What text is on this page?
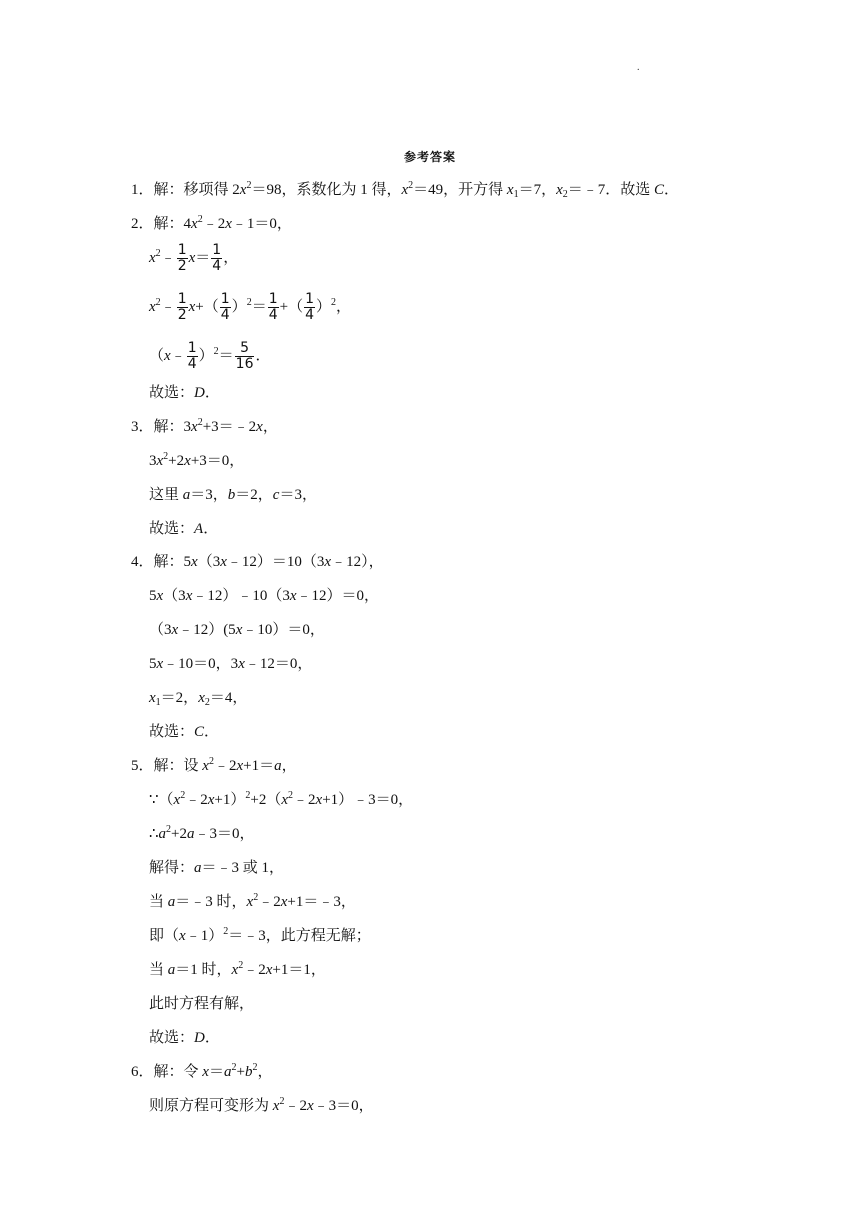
.
参考答案
1．解：移项得 $2x^2=98$，系数化为 1 得，$x^2=49$，开方得 $x_1=7$，$x_2=﹣7$．故选 C．
2．解：$4x^2﹣2x﹣1=0$，
$x^2﹣ \frac{1}{2} x= \frac{1}{4}$ ，
$x^2﹣ \frac{1}{2} x+( \frac{1}{4} )^2= \frac{1}{4}$ +（ $\frac{1}{4} )^2$，
（x﹣ $\frac{1}{4} )^2= \frac{5}{16}$ ．
故选：D．
3．解：$3x^2+3=﹣2x$，
$3x^2+2x+3=0$，
这里 a＝3，b＝2，c＝3，
故选：A．
4．解：5x（3x﹣12）＝10（3x﹣12），
5x（3x﹣12）﹣10（3x﹣12）＝0，
（3x﹣12）(5x﹣10）＝0，
5x﹣10＝0，3x﹣12＝0，
$x_1=2$，$x_2=4$，
故选：C．
5．解：设 $x^2﹣2x+1=a$，
$\because(x^2﹣2x+1)^2+2(x^2﹣2x+1)﹣3=0$，
$\therefore a^2+2a﹣3=0$，
解得：a＝﹣3 或 1，
当 a＝﹣3 时，$x^2﹣2x+1=﹣3$，
即（x﹣1）$^2$＝﹣3，此方程无解；
当 a＝1 时，$x^2﹣2x+1=1$，
此时方程有解，
故选：D．
6．解：令 $x=a^2+b^2$，
则原方程可变形为 $x^2﹣2x﹣3=0$，
